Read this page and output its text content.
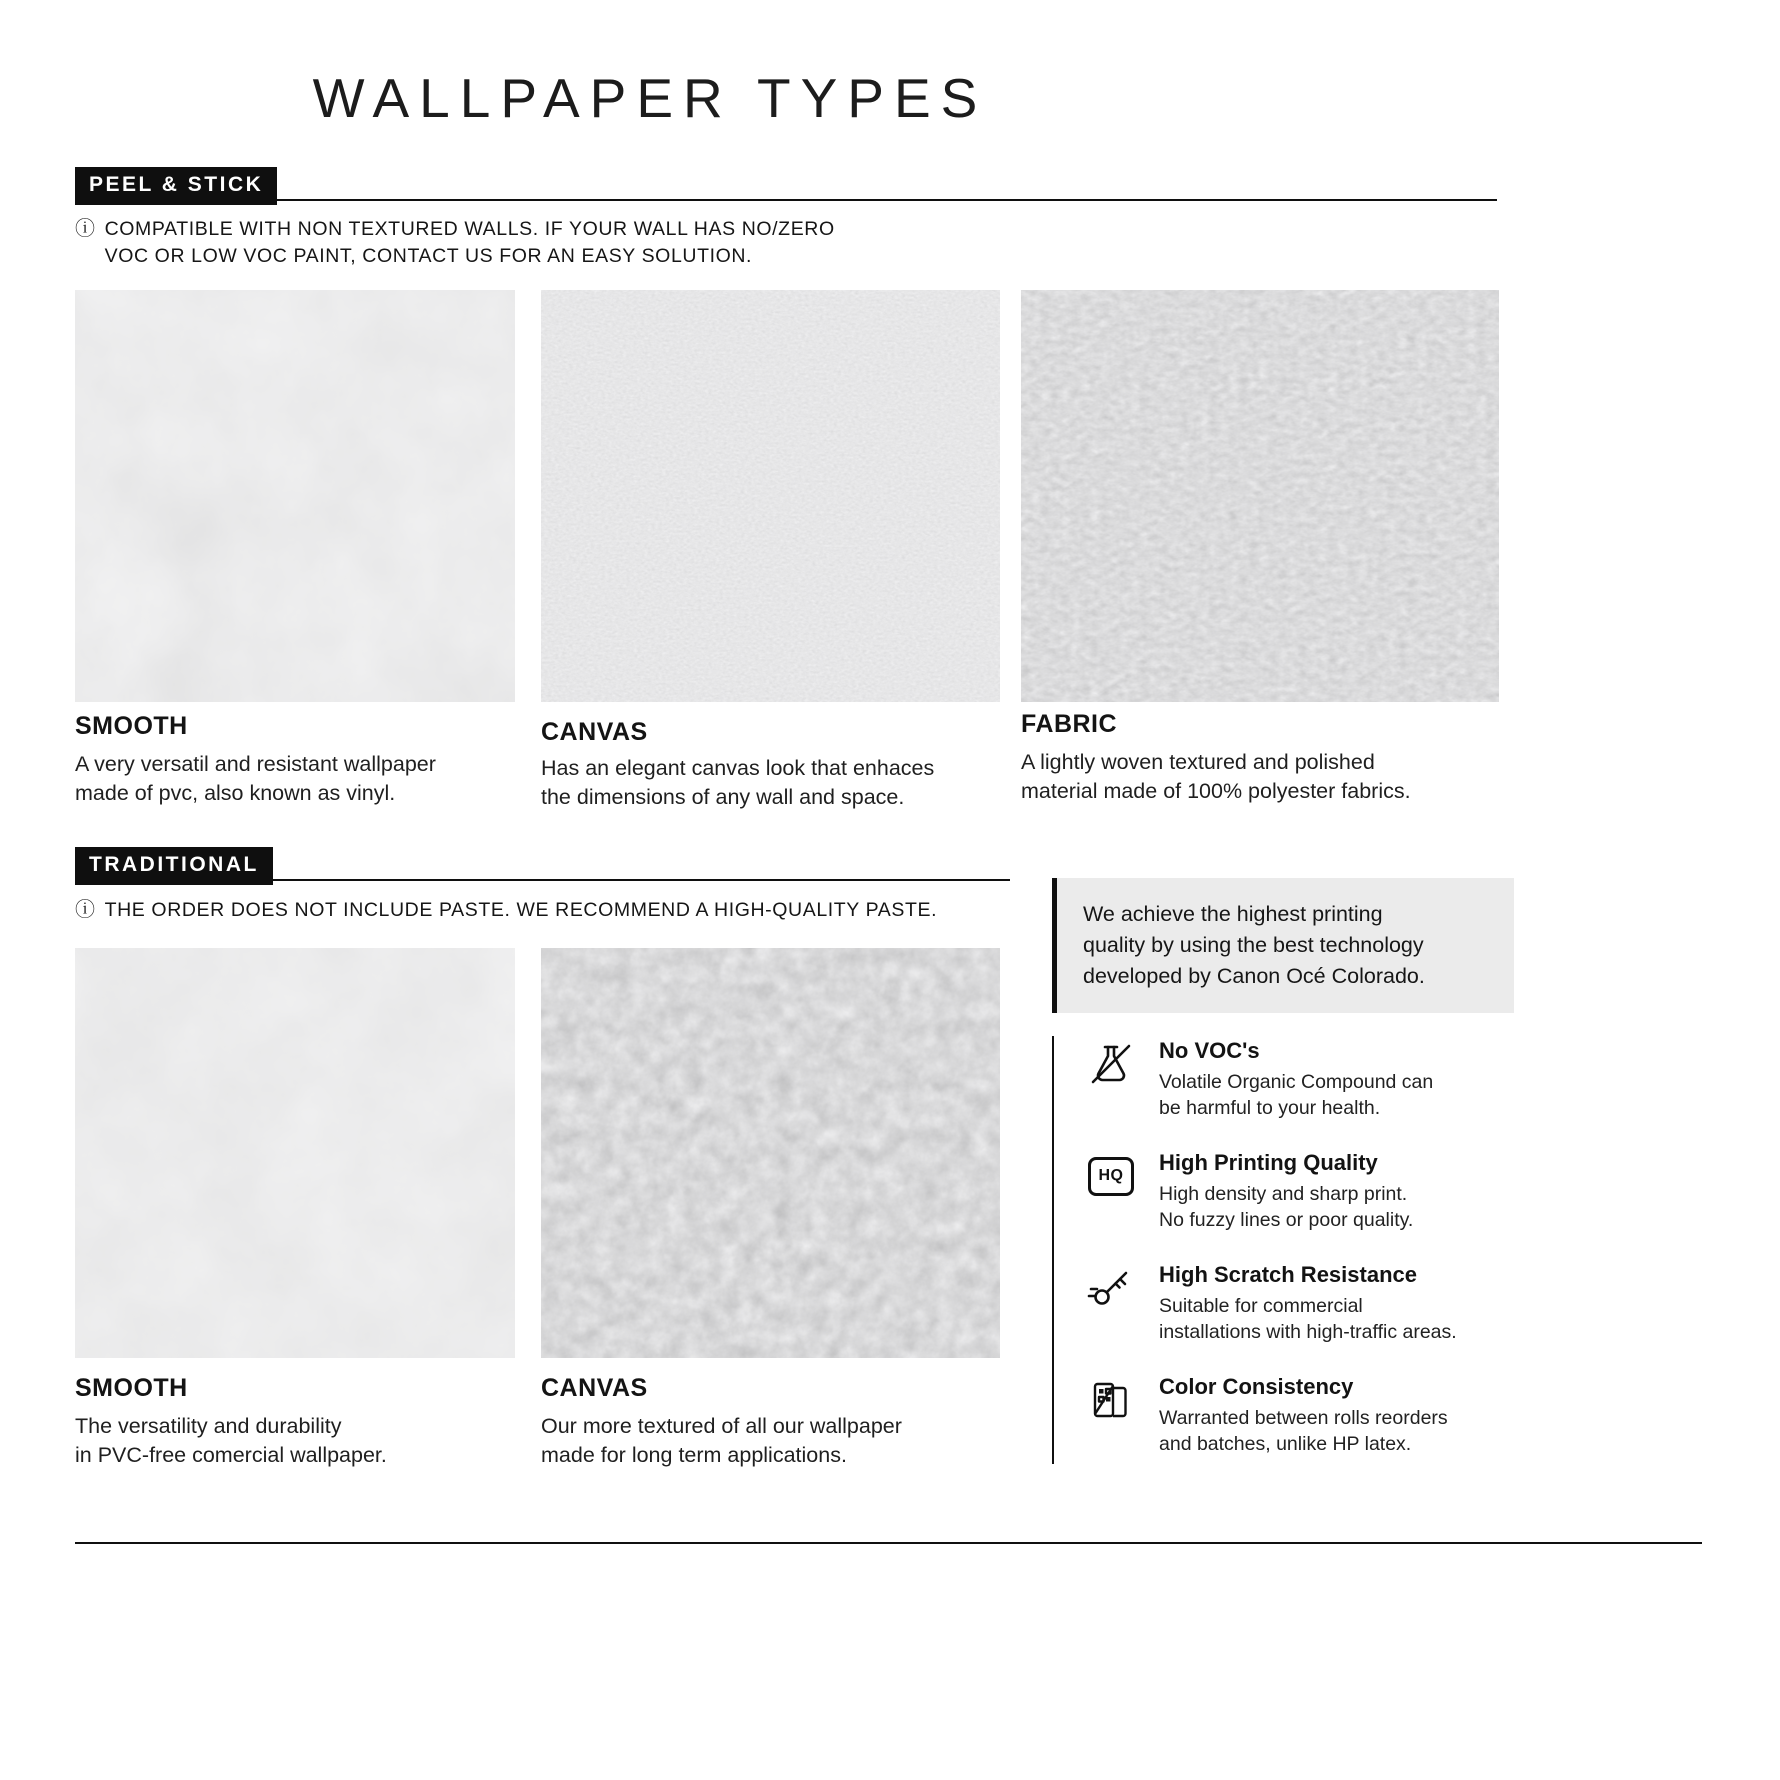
WALLPAPER TYPES
PEEL & STICK
ⓘ COMPATIBLE WITH NON TEXTURED WALLS. IF YOUR WALL HAS NO/ZERO
VOC OR LOW VOC PAINT, CONTACT US FOR AN EASY SOLUTION.
SMOOTH
A very versatil and resistant wallpaper
made of pvc, also known as vinyl.
CANVAS
Has an elegant canvas look that enhaces
the dimensions of any wall and space.
FABRIC
A lightly woven textured and polished
material made of 100% polyester fabrics.
TRADITIONAL
ⓘ THE ORDER DOES NOT INCLUDE PASTE. WE RECOMMEND A HIGH-QUALITY PASTE.
SMOOTH
The versatility and durability
in PVC-free comercial wallpaper.
CANVAS
Our more textured of all our wallpaper
made for long term applications.
We achieve the highest printing
quality by using the best technology
developed by Canon Océ Colorado.
No VOC's
Volatile Organic Compound can
be harmful to your health.
HQ
High Printing Quality
High density and sharp print.
No fuzzy lines or poor quality.
High Scratch Resistance
Suitable for commercial
installations with high-traffic areas.
Color Consistency
Warranted between rolls reorders
and batches, unlike HP latex.
